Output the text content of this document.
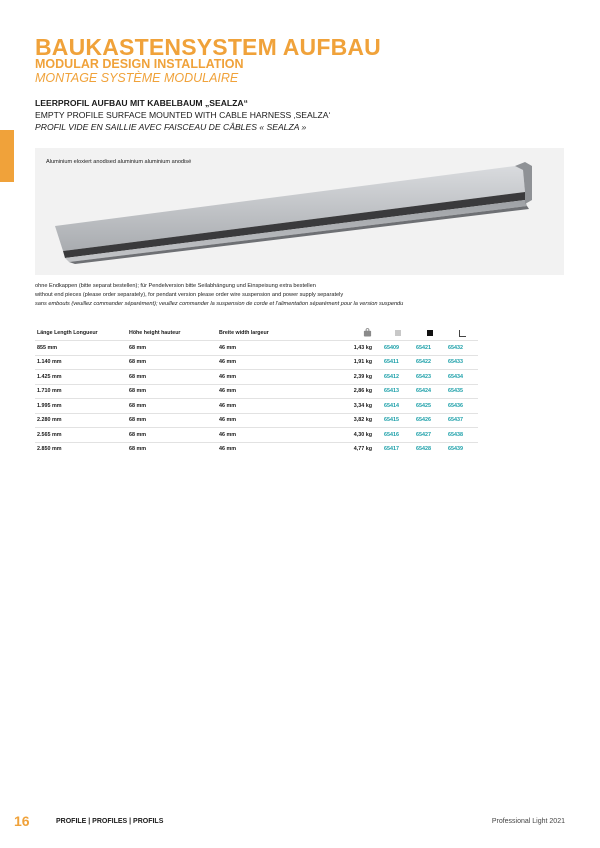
BAUKASTENSYSTEM AUFBAU
MODULAR DESIGN INSTALLATION
MONTAGE SYSTÈME MODULAIRE
LEERPROFIL AUFBAU MIT KABELBAUM „SEALZA“
EMPTY PROFILE SURFACE MOUNTED WITH CABLE HARNESS ‚SEALZA‘
PROFIL VIDE EN SAILLIE AVEC FAISCEAU DE CÂBLES « SEALZA »
Aluminium eloxiert anodised aluminium aluminium anodisé
ohne Endkappen (bitte separat bestellen); für Pendelversion bitte Seilabhängung und Einspeisung extra bestellen
without end pieces (please order separately), for pendant version please order wire suspension and power supply separately
sans embouts (veuillez commander séparément); veuillez commander la suspension de corde et l'alimentation séparément pour la version suspendu
Länge Length Longueur	Höhe height hauteur	Breite width largeur				
855 mm	68 mm	46 mm	1,43 kg	65409	65421	65432
1.140 mm	68 mm	46 mm	1,91 kg	65411	65422	65433
1.425 mm	68 mm	46 mm	2,39 kg	65412	65423	65434
1.710 mm	68 mm	46 mm	2,86 kg	65413	65424	65435
1.995 mm	68 mm	46 mm	3,34 kg	65414	65425	65436
2.280 mm	68 mm	46 mm	3,82 kg	65415	65426	65437
2.565 mm	68 mm	46 mm	4,30 kg	65416	65427	65438
2.850 mm	68 mm	46 mm	4,77 kg	65417	65428	65439
16	PROFILE | PROFILES | PROFILS	Professional Light 2021
